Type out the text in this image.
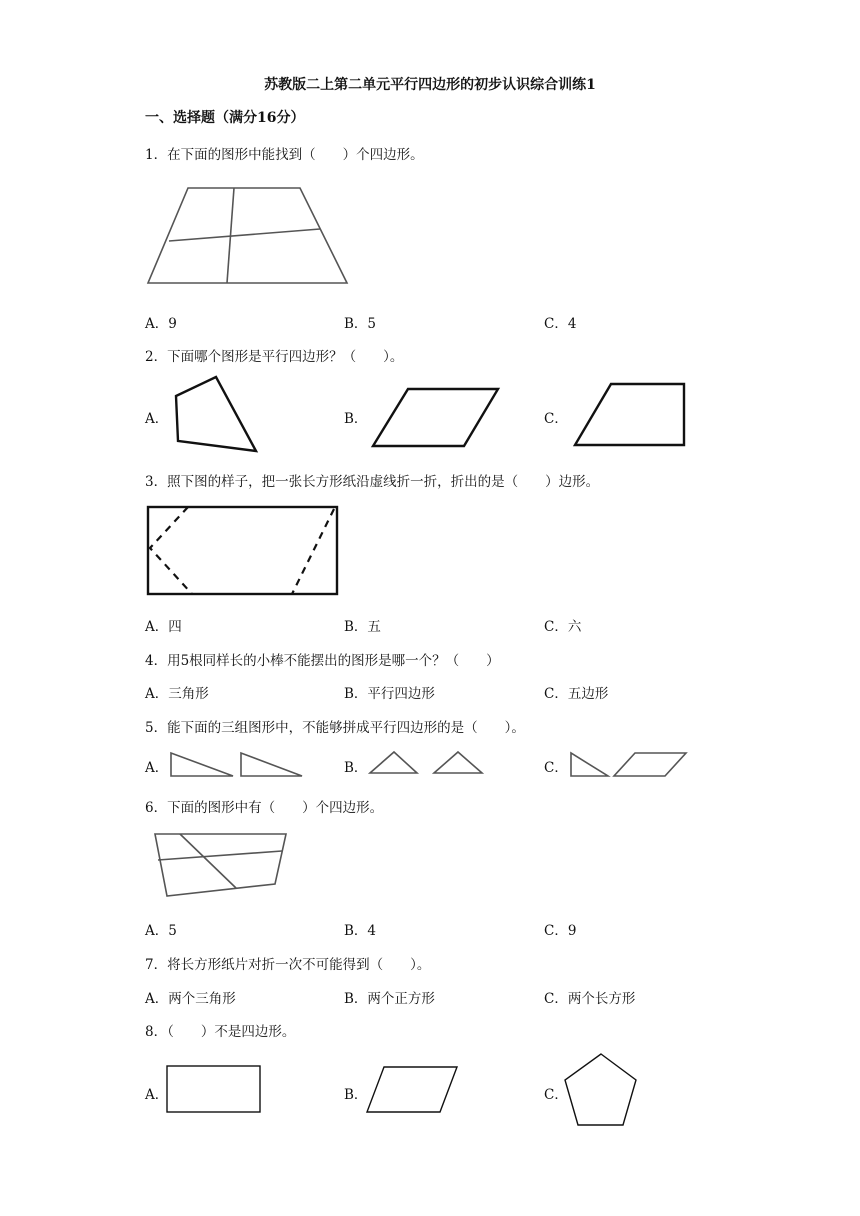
苏教版二上第二单元平行四边形的初步认识综合训练1
一、选择题（满分16分）
1．在下面的图形中能找到（　　）个四边形。
A．9	B．5	C．4
2．下面哪个图形是平行四边形？（　　）。
A．	B．	C．
3．照下图的样子，把一张长方形纸沿虚线折一折，折出的是（　　）边形。
A．四	B．五	C．六
4．用5根同样长的小棒不能摆出的图形是哪一个？（　　）
A．三角形	B．平行四边形	C．五边形
5．能下面的三组图形中，不能够拼成平行四边形的是（　　）。
A．	B．	C．
6．下面的图形中有（　　）个四边形。
A．5	B．4	C．9
7．将长方形纸片对折一次不可能得到（　　）。
A．两个三角形	B．两个正方形	C．两个长方形
8．（　　）不是四边形。
A．	B．	C．
